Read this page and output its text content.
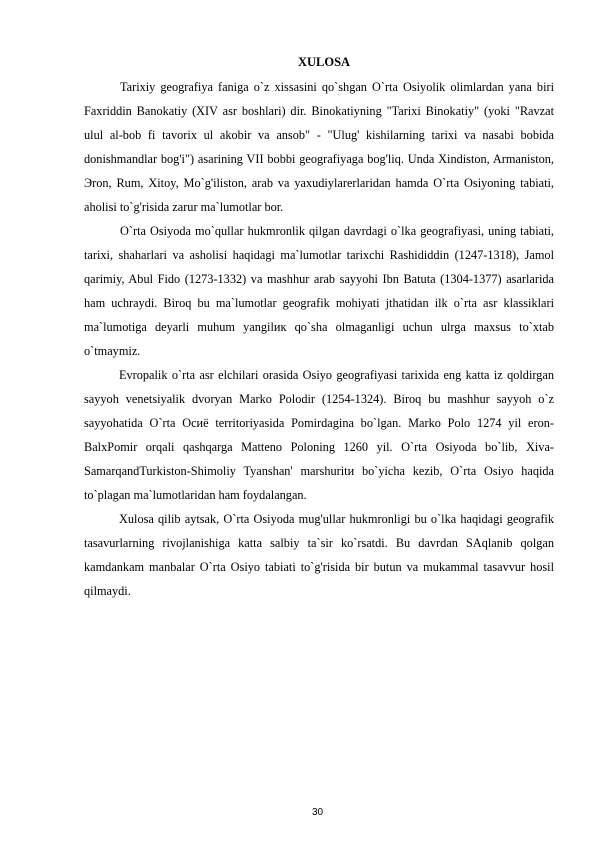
XULOSA

Tarixiy geografiya faniga o`z xissasini qo`shgan O`rta Osiyolik olimlardan yana biri Faxriddin Banokatiy (XIV asr boshlari) dir. Binokatiyning "Tarixi Binokatiy" (yoki "Ravzat ulul al-bob fi tavorix ul akobir va ansob" - "Ulug' kishilarning tarixi va nasabi bobida donishmandlar bog'i") asarining VII bobbi geografiyaga bog'liq. Unda Xindiston, Armaniston, Эron, Rum, Xitoy, Mo`g'iliston, arab va yaxudiylarerlaridan hamda O`rta Osiyoning tabiati, aholisi to`g'risida zarur ma`lumotlar bor.

O`rta Osiyoda mo`qullar hukmronlik qilgan davrdagi o`lka geografiyasi, uning tabiati, tarixi, shaharlari va asholisi haqidagi ma`lumotlar tarixchi Rashididdin (1247-1318), Jamol qarimiy, Abul Fido (1273-1332) va mashhur arab sayyohi Ibn Batuta (1304-1377) asarlarida ham uchraydi. Biroq bu ma`lumotlar geografik mohiyati jthatidan ilk o`rta asr klassiklari ma`lumotiga deyarli muhum yangilик qo`sha olmaganligi uchun ulrga maxsus to`xtab o`tmaymiz.

Evropalik o`rta asr elchilari orasida Osiyo geografiyasi tarixida eng katta iz qoldirgan sayyoh venetsiyalik dvoryan Marko Polodir (1254-1324). Biroq bu mashhur sayyoh o`z sayyohatida O`rta Осиё territoriyasida Pomirdagina bo`lgan. Marko Polo 1274 yil eron-BalxPomir orqali qashqarga Matteno Poloning 1260 yil. O`rta Osiyoda bo`lib, Xiva-SamarqandTurkiston-Shimoliy Tyanshan' marshuritи bo`yicha kezib, O`rta Osiyo haqida to`plagan ma`lumotlaridan ham foydalangan.

Xulosa qilib aytsak, O`rta Osiyoda mug'ullar hukmronligi bu o`lka haqidagi geografik tasavurlarning rivojlanishiga katta salbiy ta`sir ko`rsatdi. Bu davrdan SAqlanib qolgan kamdankam manbalar O`rta Osiyo tabiati to`g'risida bir butun va mukammal tasavvur hosil qilmaydi.

30
